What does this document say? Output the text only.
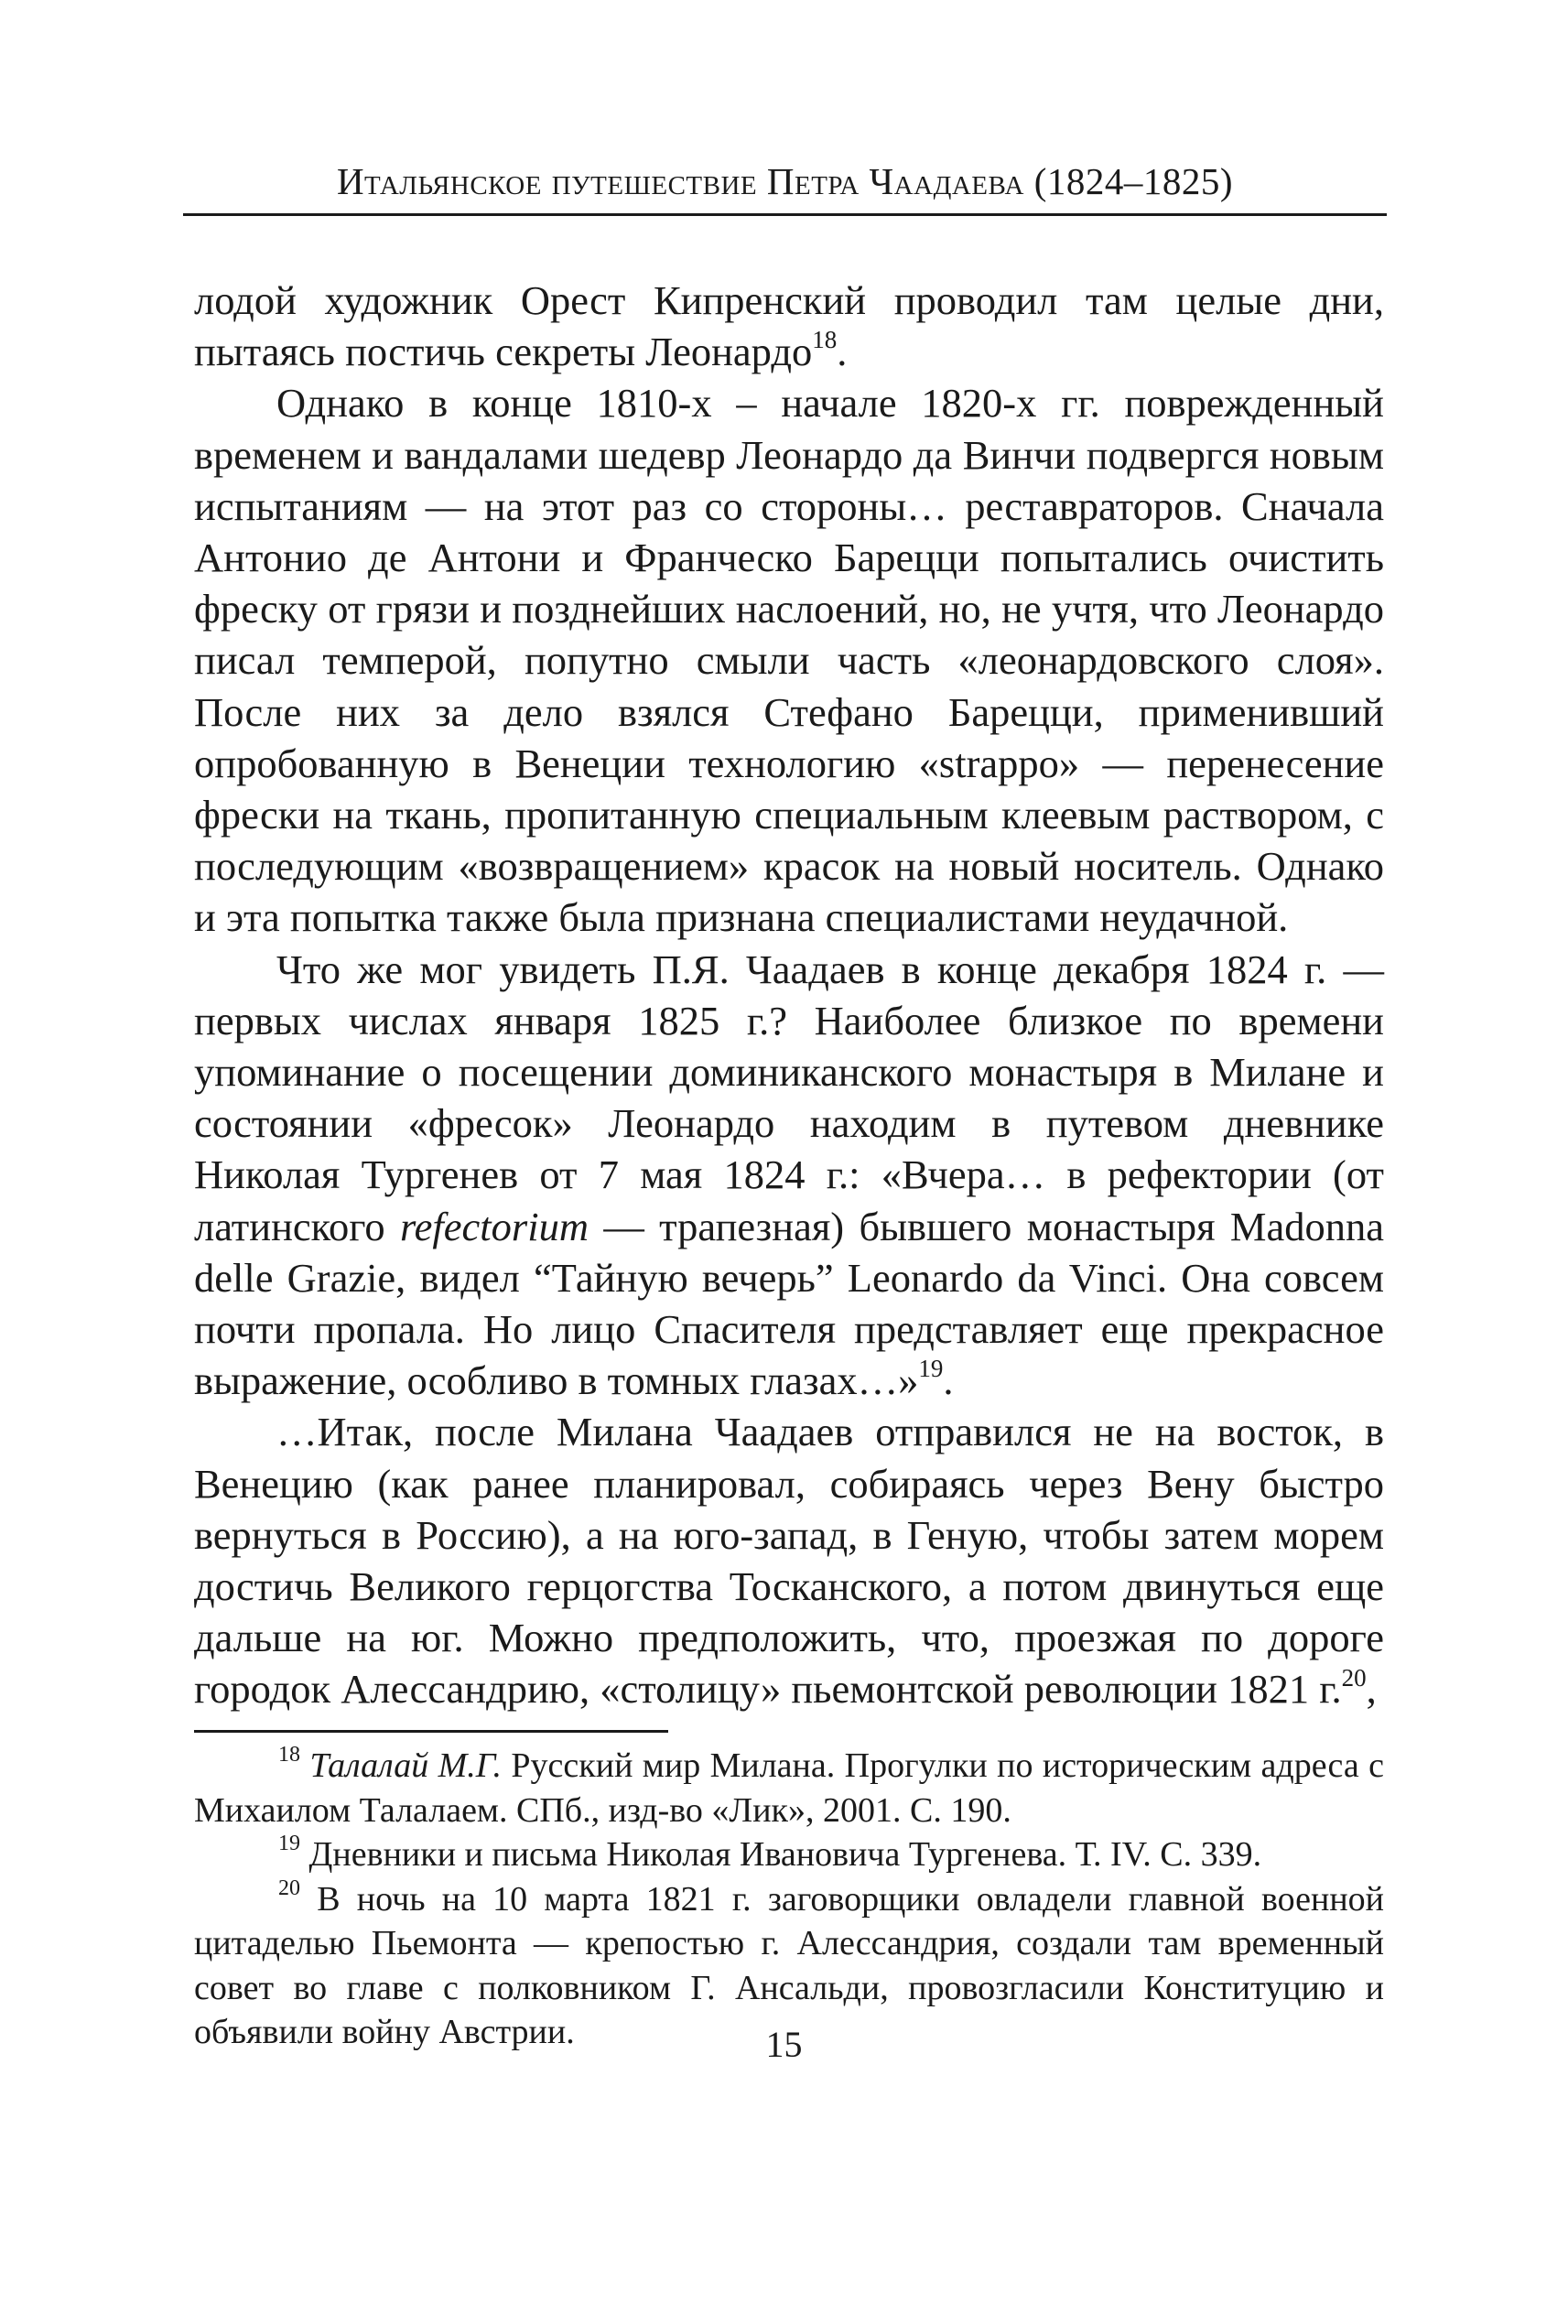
Итальянское путешествие Петра Чаадаева (1824–1825)

лодой художник Орест Кипренский проводил там целые дни, пытаясь постичь секреты Леонардо$^{18}$.

Однако в конце 1810-х – начале 1820-х гг. поврежденный временем и вандалами шедевр Леонардо да Винчи подвергся новым испытаниям — на этот раз со стороны… реставраторов. Сначала Антонио де Антони и Франческо Барецци попытались очистить фреску от грязи и позднейших наслоений, но, не учтя, что Леонардо писал темперой, попутно смыли часть «леонардовского слоя». После них за дело взялся Стефано Барецци, применивший опробованную в Венеции технологию «strappo» — перенесение фрески на ткань, пропитанную специальным клеевым раствором, с последующим «возвращением» красок на новый носитель. Однако и эта попытка также была признана специалистами неудачной.

Что же мог увидеть П.Я. Чаадаев в конце декабря 1824 г. — первых числах января 1825 г.? Наиболее близкое по времени упоминание о посещении доминиканского монастыря в Милане и состоянии «фресок» Леонардо находим в путевом дневнике Николая Тургенев от 7 мая 1824 г.: «Вчера… в рефектории (от латинского refectorium — трапезная) бывшего монастыря Madonna delle Grazie, видел “Тайную вечерь” Leonardo da Vinci. Она совсем почти пропала. Но лицо Спасителя представляет еще прекрасное выражение, особливо в томных глазах…»$^{19}$.

…Итак, после Милана Чаадаев отправился не на восток, в Венецию (как ранее планировал, собираясь через Вену быстро вернуться в Россию), а на юго-запад, в Геную, чтобы затем морем достичь Великого герцогства Тосканского, а потом двинуться еще дальше на юг. Можно предположить, что, проезжая по дороге городок Алессандрию, «столицу» пьемонтской революции 1821 г.$^{20}$,

$^{18}$ Талалай М.Г. Русский мир Милана. Прогулки по историческим адреса с Михаилом Талалаем. СПб., изд-во «Лик», 2001. С. 190.

$^{19}$ Дневники и письма Николая Ивановича Тургенева. Т. IV. С. 339.

$^{20}$ В ночь на 10 марта 1821 г. заговорщики овладели главной военной цитаделью Пьемонта — крепостью г. Алессандрия, создали там временный совет во главе с полковником Г. Ансальди, провозгласили Конституцию и объявили войну Австрии.	15
